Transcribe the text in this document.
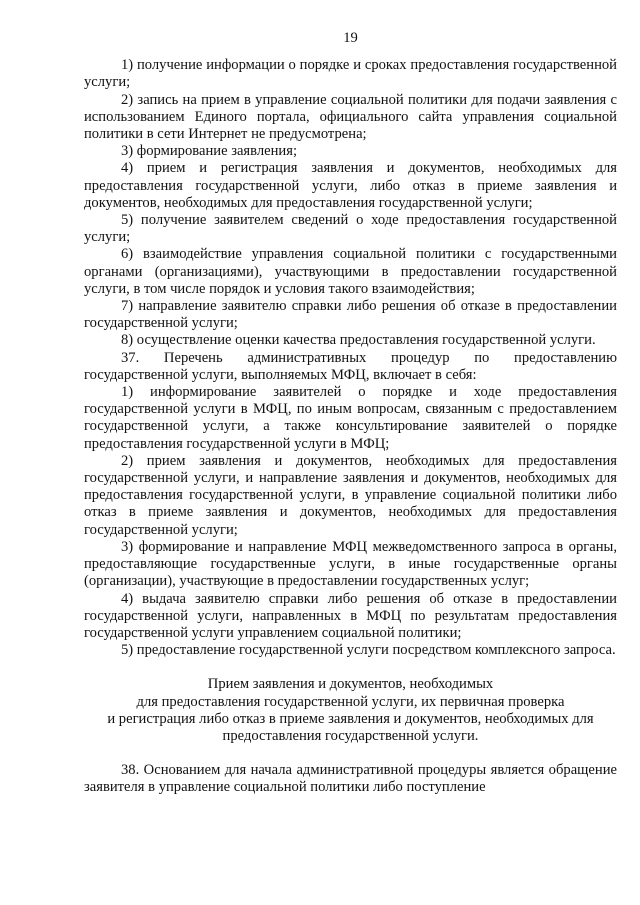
19

1) получение информации о порядке и сроках предоставления государственной услуги;

2) запись на прием в управление социальной политики для подачи заявления с использованием Единого портала, официального сайта управления социальной политики в сети Интернет не предусмотрена;

3) формирование заявления;

4) прием и регистрация заявления и документов, необходимых для предоставления государственной услуги, либо отказ в приеме заявления и документов, необходимых для предоставления государственной услуги;

5) получение заявителем сведений о ходе предоставления государственной услуги;

6) взаимодействие управления социальной политики с государственными органами (организациями), участвующими в предоставлении государственной услуги, в том числе порядок и условия такого взаимодействия;

7) направление заявителю справки либо решения об отказе в предоставлении государственной услуги;

8) осуществление оценки качества предоставления государственной услуги.

37. Перечень административных процедур по предоставлению государственной услуги, выполняемых МФЦ, включает в себя:

1) информирование заявителей о порядке и ходе предоставления государственной услуги в МФЦ, по иным вопросам, связанным с предоставлением государственной услуги, а также консультирование заявителей о порядке предоставления государственной услуги в МФЦ;

2) прием заявления и документов, необходимых для предоставления государственной услуги, и направление заявления и документов, необходимых для предоставления государственной услуги, в управление социальной политики либо отказ в приеме заявления и документов, необходимых для предоставления государственной услуги;

3) формирование и направление МФЦ межведомственного запроса в органы, предоставляющие государственные услуги, в иные государственные органы (организации), участвующие в предоставлении государственных услуг;

4) выдача заявителю справки либо решения об отказе в предоставлении государственной услуги, направленных в МФЦ по результатам предоставления государственной услуги управлением социальной политики;

5) предоставление государственной услуги посредством комплексного запроса.

Прием заявления и документов, необходимых

для предоставления государственной услуги, их первичная проверка

и регистрация либо отказ в приеме заявления и документов, необходимых для

предоставления государственной услуги.

38. Основанием для начала административной процедуры является обращение заявителя в управление социальной политики либо поступление
